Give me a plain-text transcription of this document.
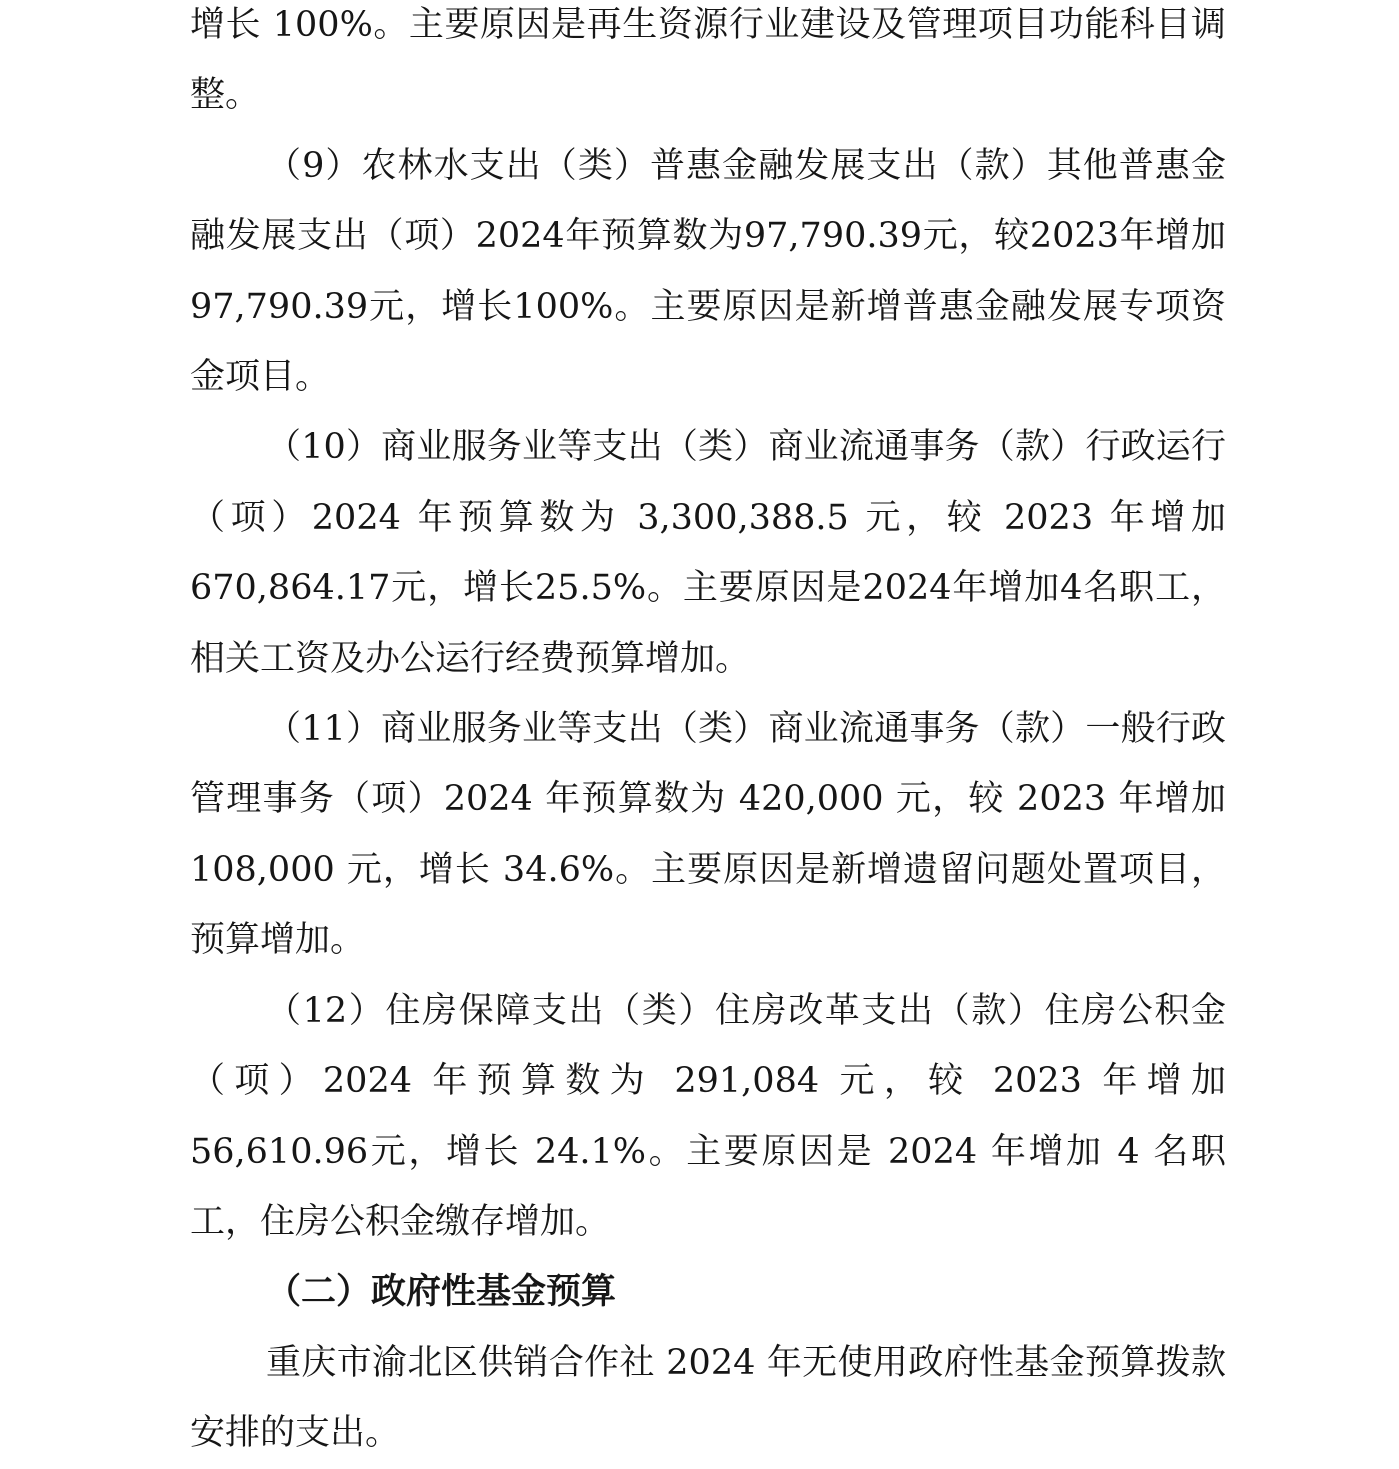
增长 100%。主要原因是再生资源行业建设及管理项目功能科目调整。

（9）农林水支出（类）普惠金融发展支出（款）其他普惠金融发展支出（项）2024年预算数为97,790.39元，较2023年增加97,790.39元，增长100%。主要原因是新增普惠金融发展专项资金项目。

（10）商业服务业等支出（类）商业流通事务（款）行政运行（项）2024 年预算数为 3,300,388.5 元，较 2023 年增加670,864.17元，增长25.5%。主要原因是2024年增加4名职工，相关工资及办公运行经费预算增加。

（11）商业服务业等支出（类）商业流通事务（款）一般行政管理事务（项）2024 年预算数为 420,000 元，较 2023 年增加108,000 元，增长 34.6%。主要原因是新增遗留问题处置项目，预算增加。

（12）住房保障支出（类）住房改革支出（款）住房公积金（项）2024 年预算数为 291,084 元，较 2023 年增加 56,610.96元，增长 24.1%。主要原因是 2024 年增加 4 名职工，住房公积金缴存增加。

（二）政府性基金预算

重庆市渝北区供销合作社 2024 年无使用政府性基金预算拨款安排的支出。
